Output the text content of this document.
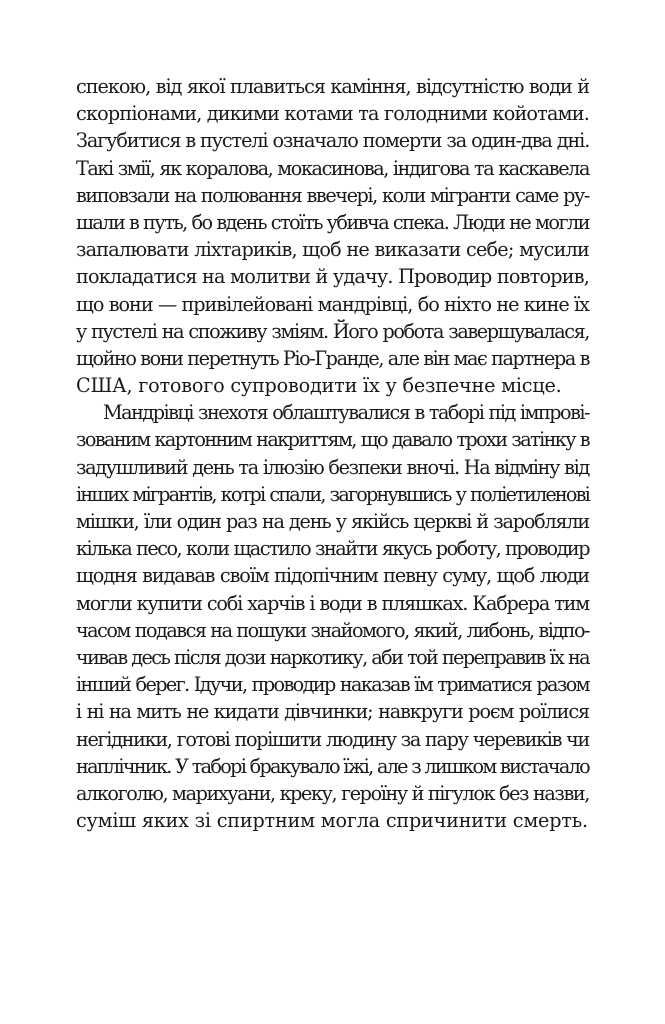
спекою, від якої плавиться каміння, відсутністю води й
скорпіонами, дикими котами та голодними койотами.
Загубитися в пустелі означало померти за один-два дні.
Такі змії, як коралова, мокасинова, індигова та каскавела
виповзали на полювання ввечері, коли мігранти саме ру-
шали в путь, бо вдень стоїть убивча спека. Люди не могли
запалювати ліхтариків, щоб не виказати себе; мусили
покладатися на молитви й удачу. Проводир повторив,
що вони — привілейовані мандрівці, бо ніхто не кине їх
у пустелі на споживу зміям. Його робота завершувалася,
щойно вони перетнуть Ріо-Гранде, але він має партнера в
США, готового супроводити їх у безпечне місце.
Мандрівці знехотя облаштувалися в таборі під імпрові-
зованим картонним накриттям, що давало трохи затінку в
задушливий день та ілюзію безпеки вночі. На відміну від
інших мігрантів, котрі спали, загорнувшись у поліетиленові
мішки, їли один раз на день у якійсь церкві й заробляли
кілька песо, коли щастило знайти якусь роботу, проводир
щодня видавав своїм підопічним певну суму, щоб люди
могли купити собі харчів і води в пляшках. Кабрера тим
часом подався на пошуки знайомого, який, либонь, відпо-
чивав десь після дози наркотику, аби той переправив їх на
інший берег. Ідучи, проводир наказав їм триматися разом
і ні на мить не кидати дівчинки; навкруги роєм роїлися
негідники, готові порішити людину за пару черевиків чи
наплічник. У таборі бракувало їжі, але з лишком вистачало
алкоголю, марихуани, креку, героїну й пігулок без назви,
суміш яких зі спиртним могла спричинити смерть.
